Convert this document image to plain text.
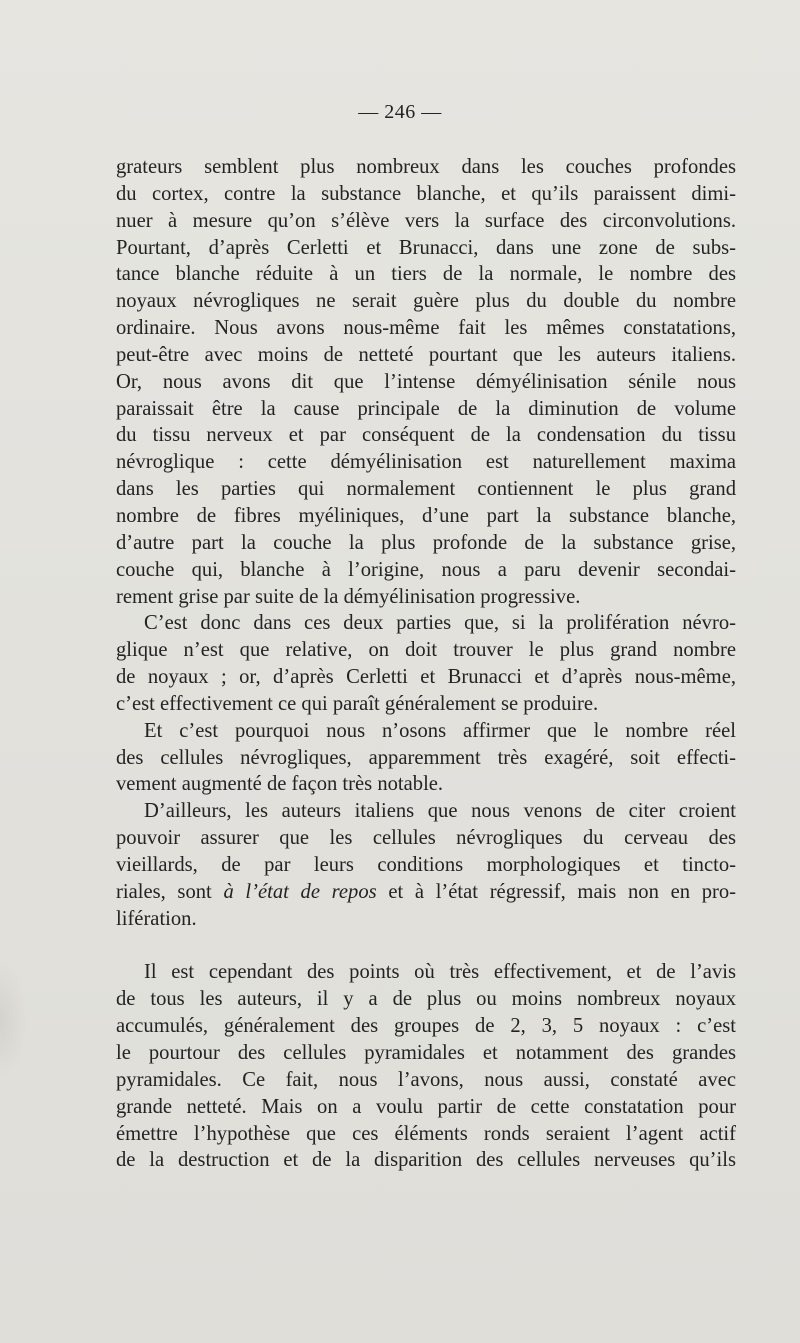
— 246 —
grateurs semblent plus nombreux dans les couches profondes
du cortex, contre la substance blanche, et qu’ils paraissent dimi-
nuer à mesure qu’on s’élève vers la surface des circonvolutions.
Pourtant, d’après Cerletti et Brunacci, dans une zone de subs-
tance blanche réduite à un tiers de la normale, le nombre des
noyaux névrogliques ne serait guère plus du double du nombre
ordinaire. Nous avons nous-même fait les mêmes constatations,
peut-être avec moins de netteté pourtant que les auteurs italiens.
Or, nous avons dit que l’intense démyélinisation sénile nous
paraissait être la cause principale de la diminution de volume
du tissu nerveux et par conséquent de la condensation du tissu
névroglique : cette démyélinisation est naturellement maxima
dans les parties qui normalement contiennent le plus grand
nombre de fibres myéliniques, d’une part la substance blanche,
d’autre part la couche la plus profonde de la substance grise,
couche qui, blanche à l’origine, nous a paru devenir secondai-
rement grise par suite de la démyélinisation progressive.
C’est donc dans ces deux parties que, si la prolifération névro-
glique n’est que relative, on doit trouver le plus grand nombre
de noyaux ; or, d’après Cerletti et Brunacci et d’après nous-même,
c’est effectivement ce qui paraît généralement se produire.
Et c’est pourquoi nous n’osons affirmer que le nombre réel
des cellules névrogliques, apparemment très exagéré, soit effecti-
vement augmenté de façon très notable.
D’ailleurs, les auteurs italiens que nous venons de citer croient
pouvoir assurer que les cellules névrogliques du cerveau des
vieillards, de par leurs conditions morphologiques et tincto-
riales, sont à l’état de repos et à l’état régressif, mais non en pro-
lifération.
Il est cependant des points où très effectivement, et de l’avis
de tous les auteurs, il y a de plus ou moins nombreux noyaux
accumulés, généralement des groupes de 2, 3, 5 noyaux : c’est
le pourtour des cellules pyramidales et notamment des grandes
pyramidales. Ce fait, nous l’avons, nous aussi, constaté avec
grande netteté. Mais on a voulu partir de cette constatation pour
émettre l’hypothèse que ces éléments ronds seraient l’agent actif
de la destruction et de la disparition des cellules nerveuses qu’ils
